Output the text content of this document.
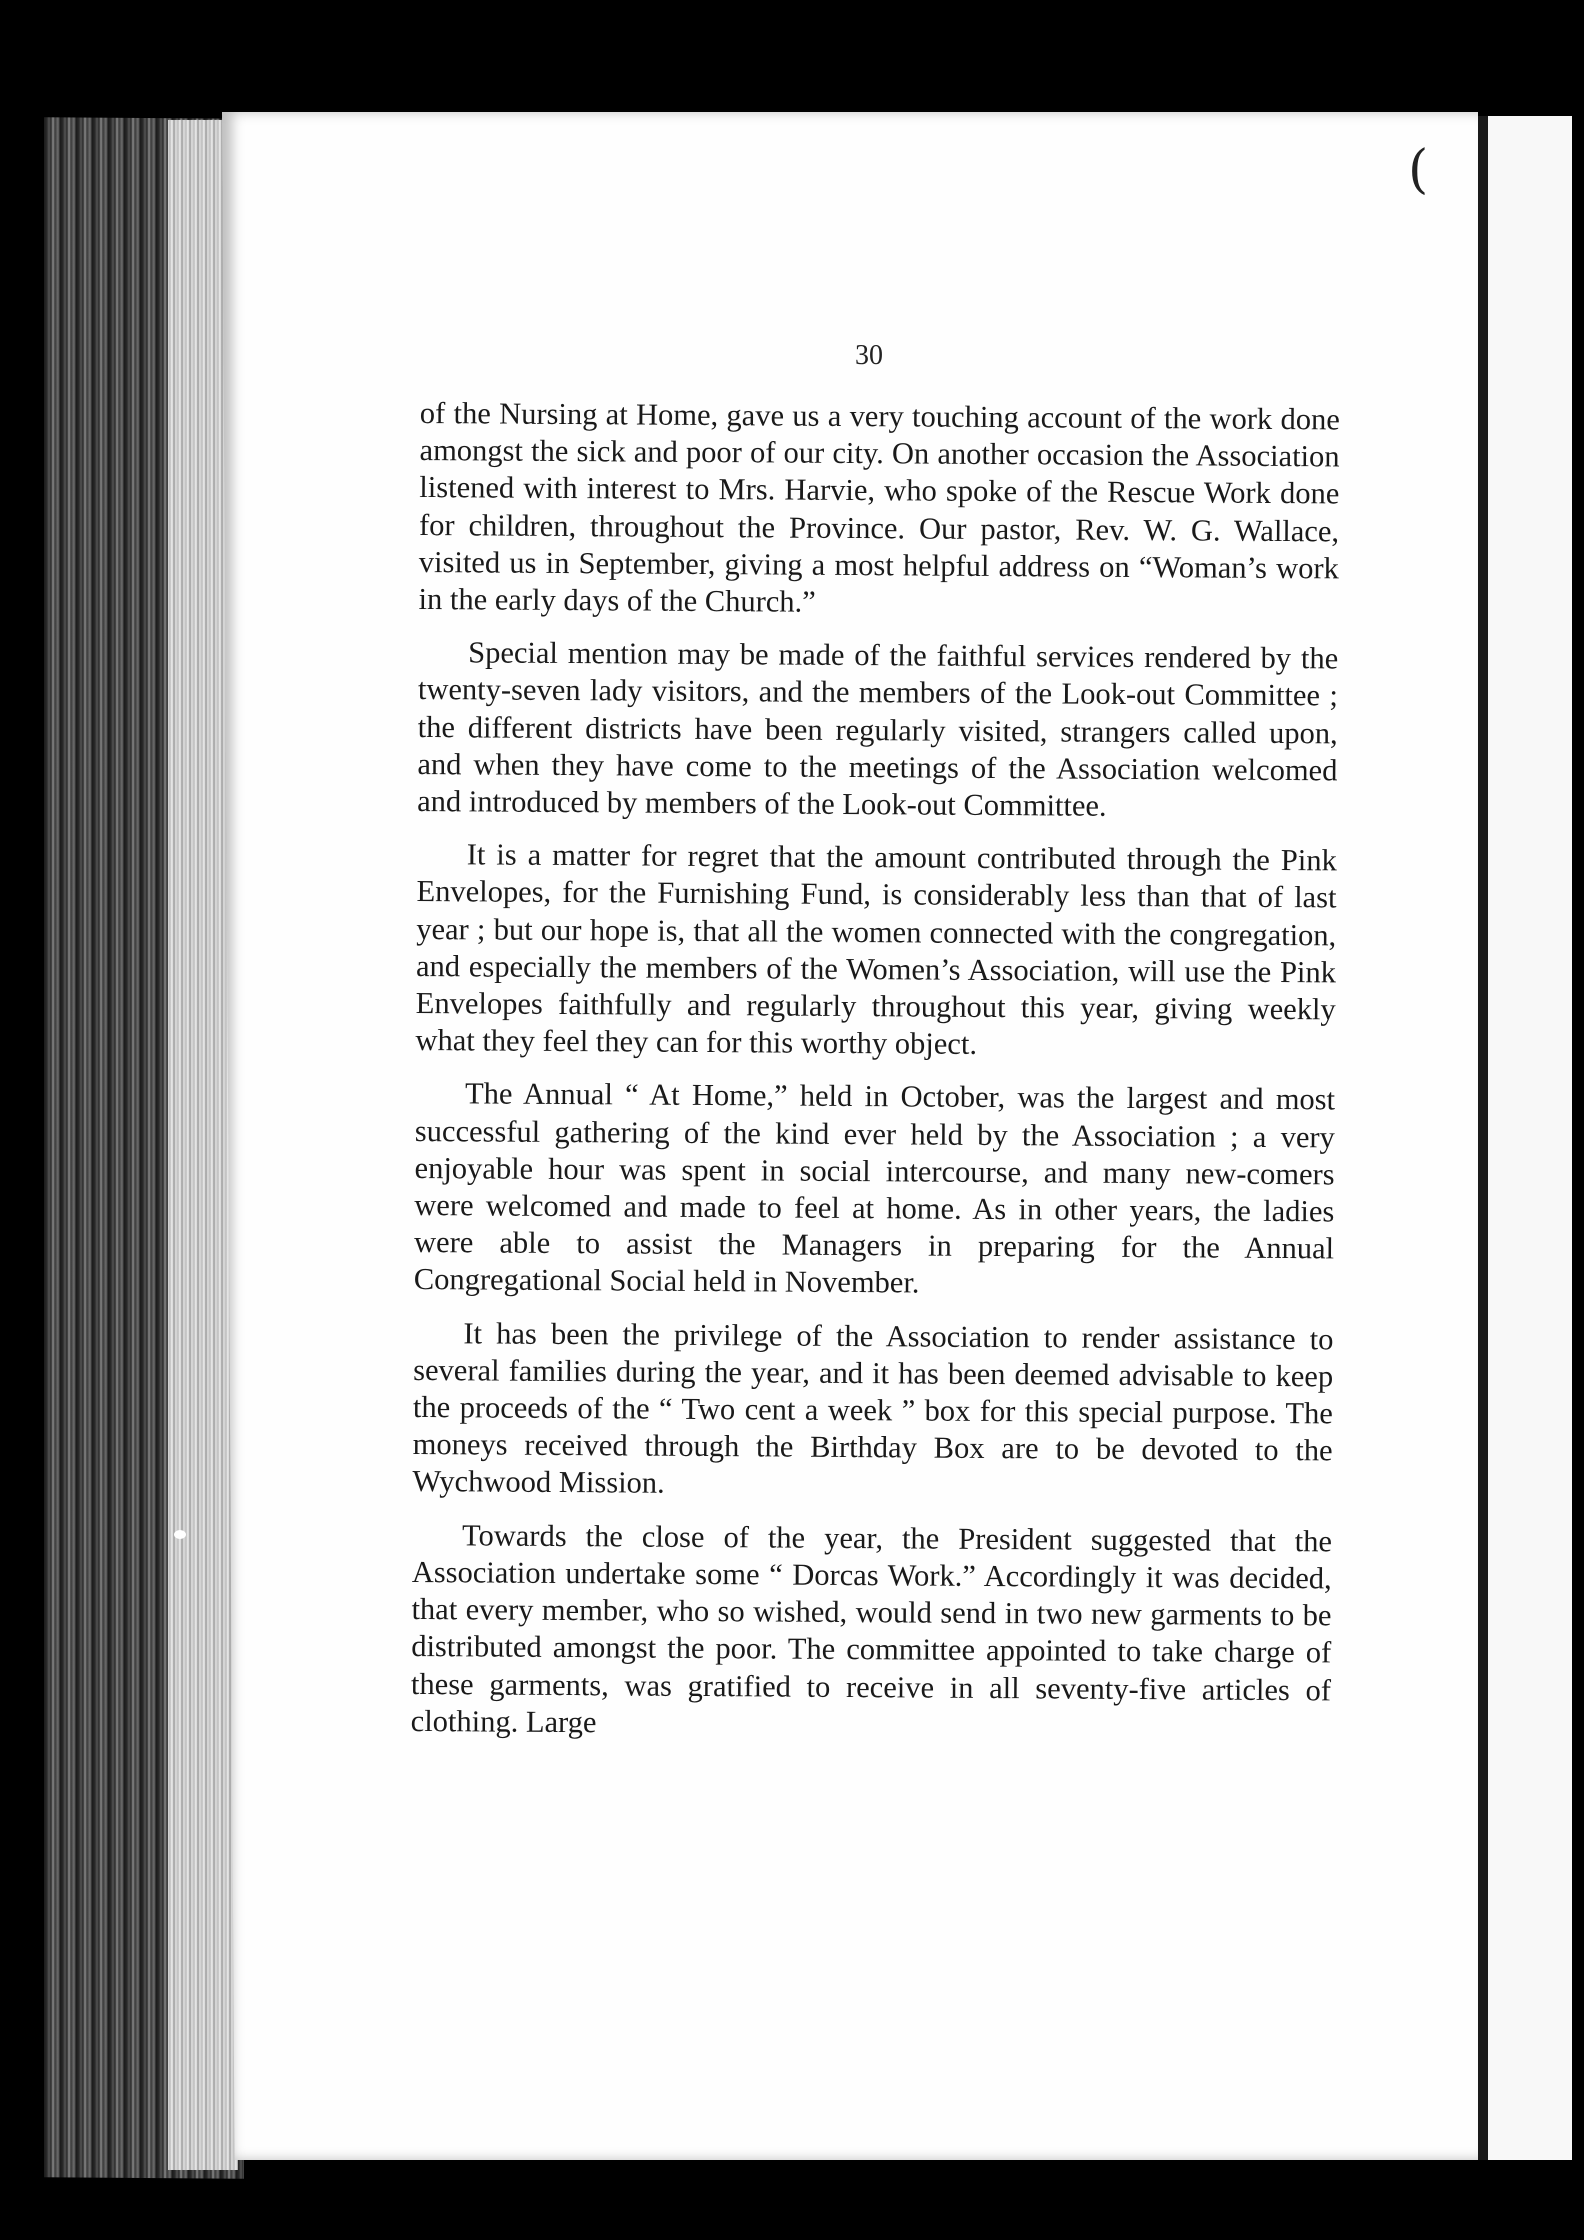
(
30

of the Nursing at Home, gave us a very touching account of the work done amongst the sick and poor of our city. On another occasion the Association listened with interest to Mrs. Harvie, who spoke of the Rescue Work done for children, throughout the Province. Our pastor, Rev. W. G. Wallace, visited us in September, giving a most helpful address on “Woman’s work in the early days of the Church.”

Special mention may be made of the faithful services rendered by the twenty-seven lady visitors, and the members of the Look-out Committee ; the different districts have been regularly visited, strangers called upon, and when they have come to the meetings of the Association welcomed and introduced by members of the Look-out Committee.

It is a matter for regret that the amount contributed through the Pink Envelopes, for the Furnishing Fund, is considerably less than that of last year ; but our hope is, that all the women connected with the congregation, and especially the members of the Women’s Association, will use the Pink Envelopes faithfully and regularly throughout this year, giving weekly what they feel they can for this worthy object.

The Annual “ At Home,” held in October, was the largest and most successful gathering of the kind ever held by the Association ; a very enjoyable hour was spent in social intercourse, and many new-comers were welcomed and made to feel at home. As in other years, the ladies were able to assist the Managers in preparing for the Annual Congregational Social held in November.

It has been the privilege of the Association to render assistance to several families during the year, and it has been deemed advisable to keep the proceeds of the “ Two cent a week ” box for this special purpose. The moneys received through the Birthday Box are to be devoted to the Wychwood Mission.

Towards the close of the year, the President suggested that the Association undertake some “ Dorcas Work.” Accordingly it was decided, that every member, who so wished, would send in two new garments to be distributed amongst the poor. The committee appointed to take charge of these garments, was gratified to receive in all seventy-five articles of clothing. Large
